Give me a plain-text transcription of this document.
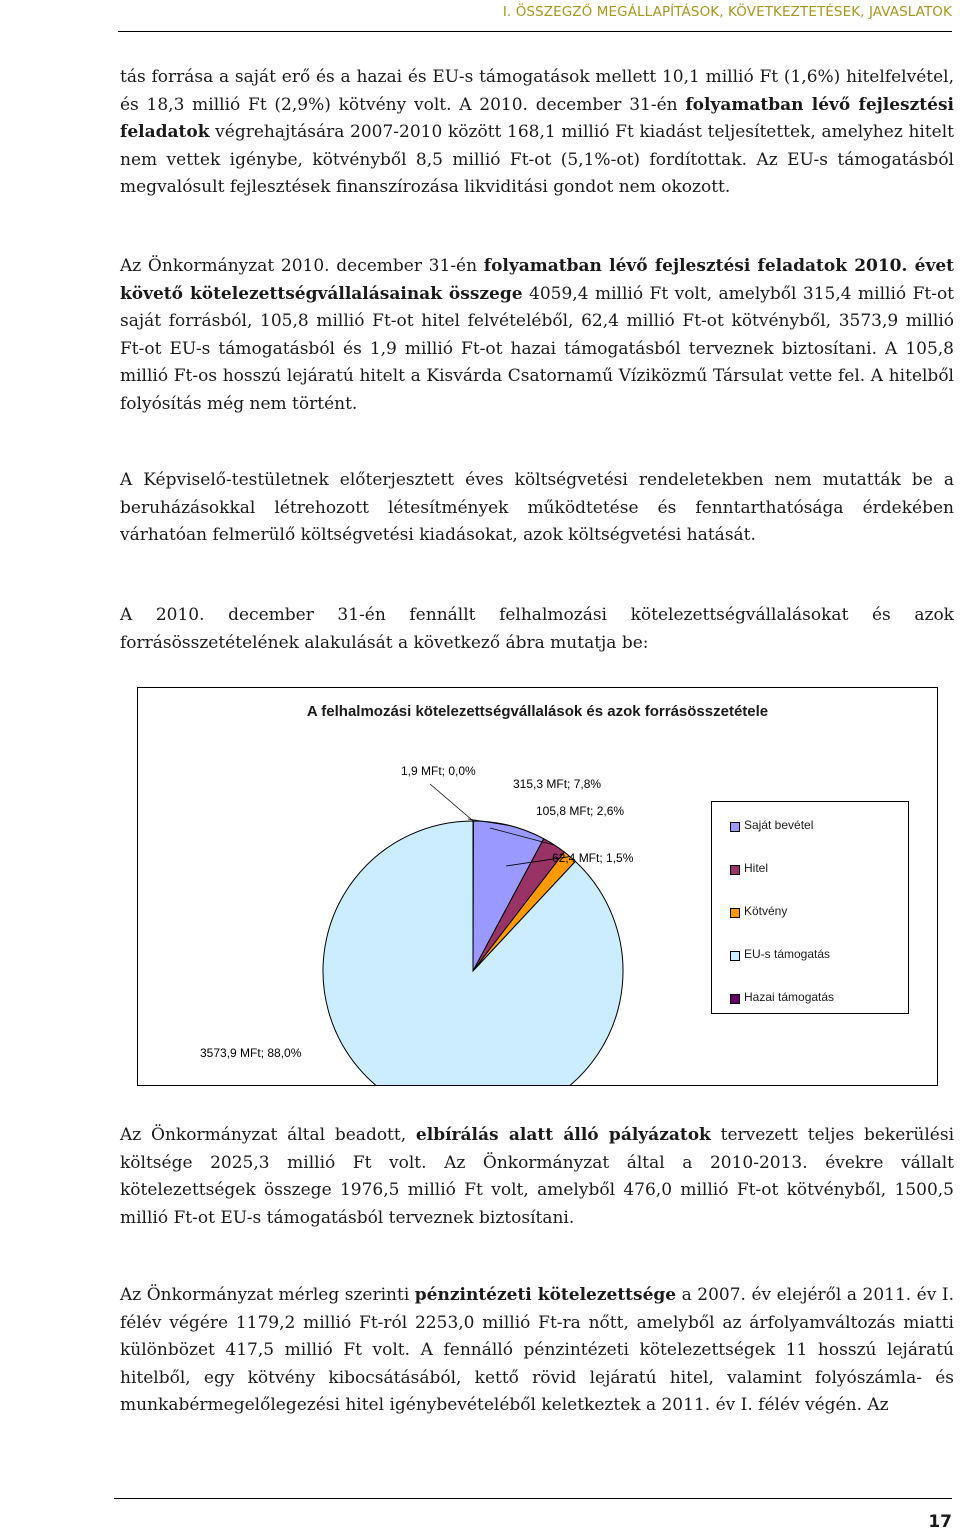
I. ÖSSZEGZŐ MEGÁLLAPÍTÁSOK, KÖVETKEZTETÉSEK, JAVASLATOK

tás forrása a saját erő és a hazai és EU-s támogatások mellett 10,1 millió Ft (1,6%) hitelfelvétel, és 18,3 millió Ft (2,9%) kötvény volt. A 2010. december 31-én folyamatban lévő fejlesztési feladatok végrehajtására 2007-2010 között 168,1 millió Ft kiadást teljesítettek, amelyhez hitelt nem vettek igénybe, kötvényből 8,5 millió Ft-ot (5,1%-ot) fordítottak. Az EU-s támogatásból megvalósult fejlesztések finanszírozása likviditási gondot nem okozott.

Az Önkormányzat 2010. december 31-én folyamatban lévő fejlesztési feladatok 2010. évet követő kötelezettségvállalásainak összege 4059,4 millió Ft volt, amelyből 315,4 millió Ft-ot saját forrásból, 105,8 millió Ft-ot hitel felvételéből, 62,4 millió Ft-ot kötvényből, 3573,9 millió Ft-ot EU-s támogatásból és 1,9 millió Ft-ot hazai támogatásból terveznek biztosítani. A 105,8 millió Ft-os hosszú lejáratú hitelt a Kisvárda Csatornamű Víziközmű Társulat vette fel. A hitelből folyósítás még nem történt.

A Képviselő-testületnek előterjesztett éves költségvetési rendeletekben nem mutatták be a beruházásokkal létrehozott létesítmények működtetése és fenntarthatósága érdekében várhatóan felmerülő költségvetési kiadásokat, azok költségvetési hatását.

A 2010. december 31-én fennállt felhalmozási kötelezettségvállalásokat és azok forrásösszetételének alakulását a következő ábra mutatja be:

A felhalmozási kötelezettségvállalások és azok forrásösszetétele
1,9 MFt; 0,0%
315,3 MFt; 7,8%
105,8 MFt; 2,6%
62,4 MFt; 1,5%
3573,9 MFt; 88,0%
Saját bevétel
Hitel
Kötvény
EU-s támogatás
Hazai támogatás

Az Önkormányzat által beadott, elbírálás alatt álló pályázatok tervezett teljes bekerülési költsége 2025,3 millió Ft volt. Az Önkormányzat által a 2010-2013. évekre vállalt kötelezettségek összege 1976,5 millió Ft volt, amelyből 476,0 millió Ft-ot kötvényből, 1500,5 millió Ft-ot EU-s támogatásból terveznek biztosítani.

Az Önkormányzat mérleg szerinti pénzintézeti kötelezettsége a 2007. év elejéről a 2011. év I. félév végére 1179,2 millió Ft-ról 2253,0 millió Ft-ra nőtt, amelyből az árfolyamváltozás miatti különbözet 417,5 millió Ft volt. A fennálló pénzintézeti kötelezettségek 11 hosszú lejáratú hitelből, egy kötvény kibocsátásából, kettő rövid lejáratú hitel, valamint folyószámla- és munkabérmegelőlegezési hitel igénybevételéből keletkeztek a 2011. év I. félév végén. Az

17
